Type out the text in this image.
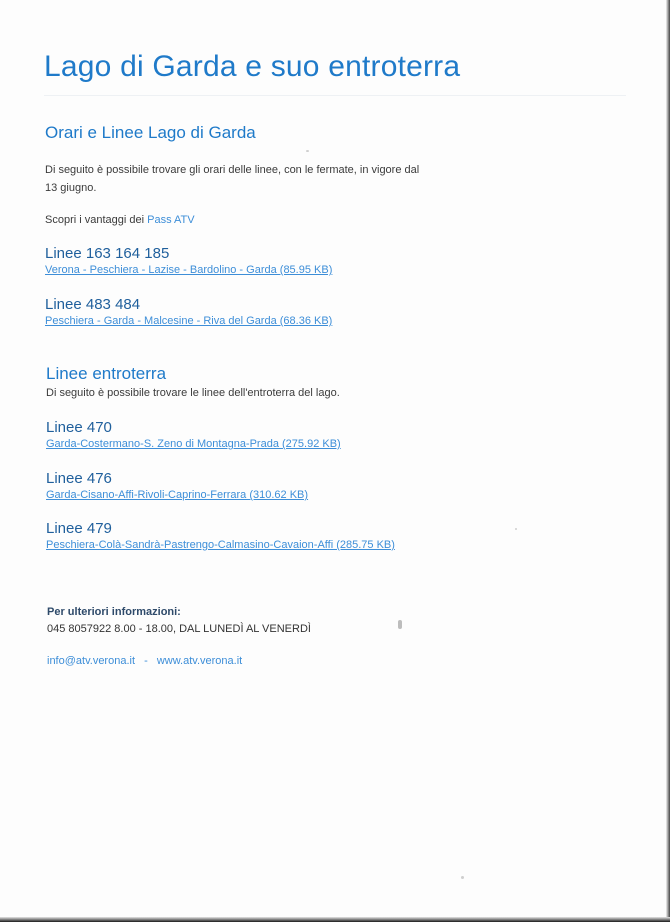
Lago di Garda e suo entroterra
Orari e Linee Lago di Garda

Di seguito è possibile trovare gli orari delle linee, con le fermate, in vigore dal

13 giugno.

Scopri i vantaggi dei Pass ATV

Linee 163 164 185
Verona - Peschiera - Lazise - Bardolino - Garda (85.95 KB)
Linee 483 484
Peschiera - Garda - Malcesine - Riva del Garda (68.36 KB)
Linee entroterra

Di seguito è possibile trovare le linee dell'entroterra del lago.

Linee 470
Garda-Costermano-S. Zeno di Montagna-Prada (275.92 KB)
Linee 476
Garda-Cisano-Affi-Rivoli-Caprino-Ferrara (310.62 KB)
Linee 479
Peschiera-Colà-Sandrà-Pastrengo-Calmasino-Cavaion-Affi (285.75 KB)

Per ulteriori informazioni:

045 8057922 8.00 - 18.00, DAL LUNEDÌ AL VENERDÌ

info@atv.verona.it - www.atv.verona.it
